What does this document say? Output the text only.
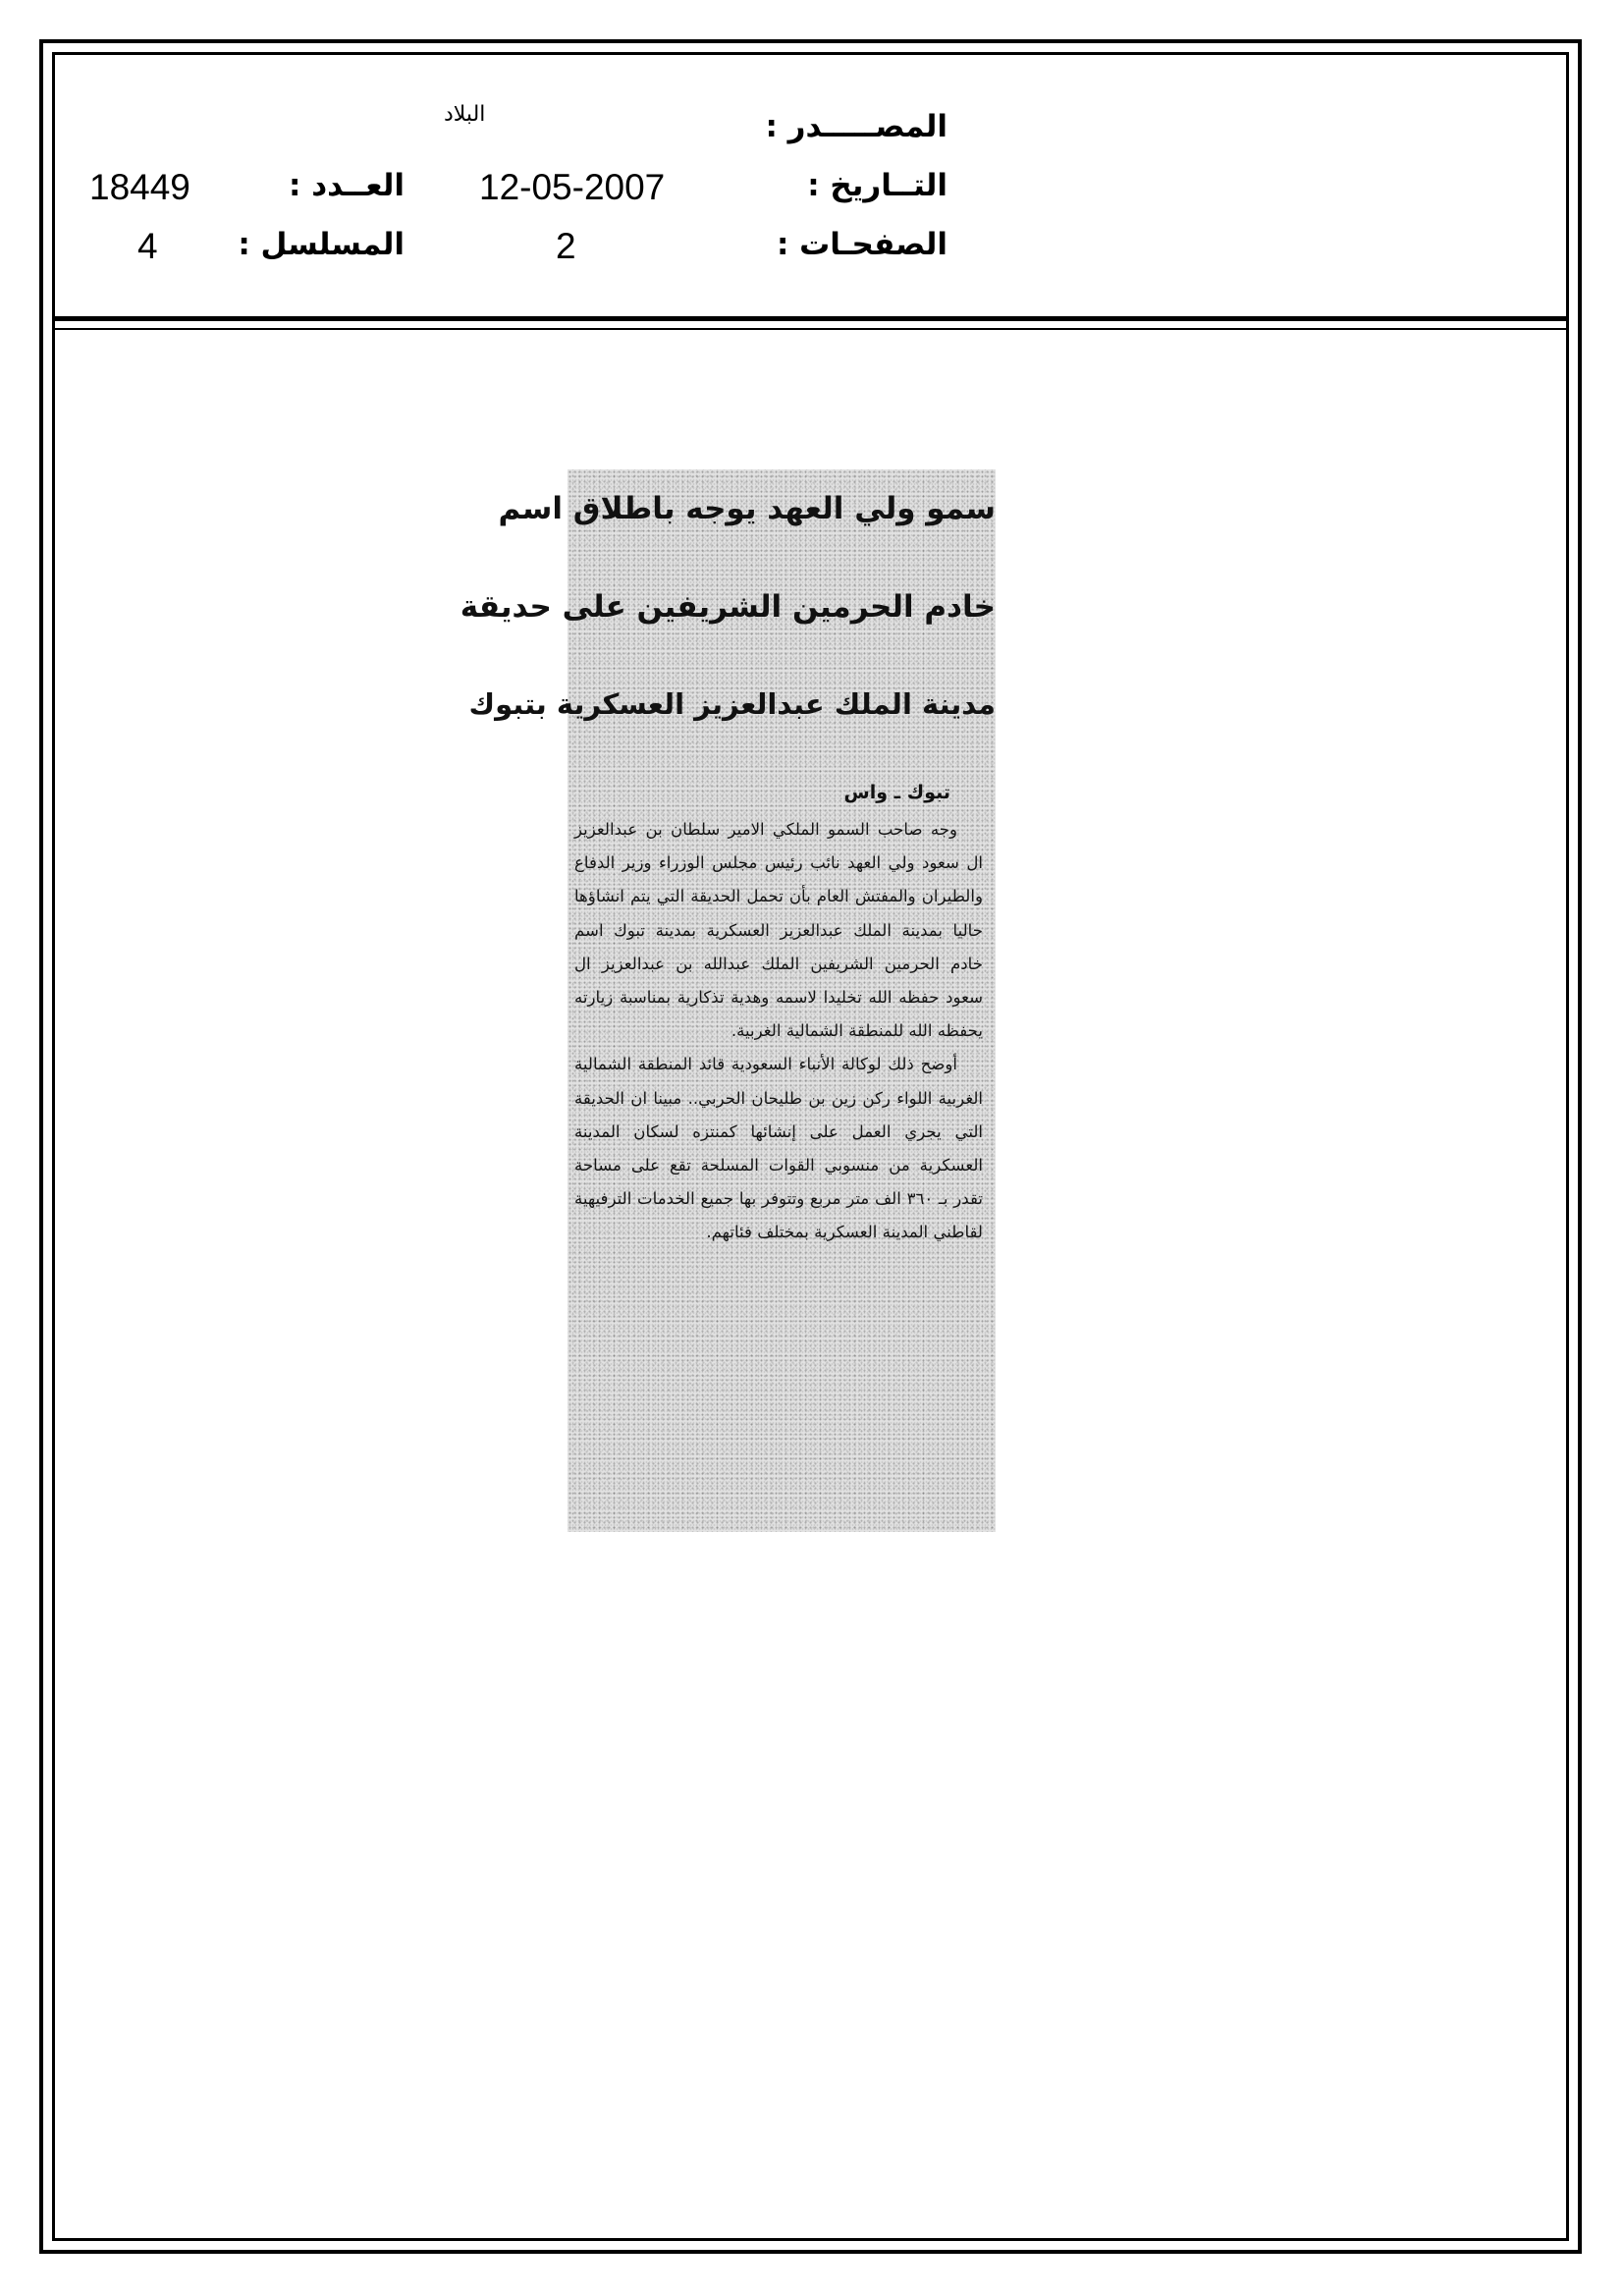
المصـــــدر :
البلاد
التــاريخ :
12-05-2007
الصفحـات :
2
العــدد :
18449
المسلسل :
4
سمو ولي العهد يوجه باطلاق اسم
خادم الحرمين الشريفين على حديقة
مدينة الملك عبدالعزيز العسكرية بتبوك
تبوك ـ واس

وجه صاحب السمو الملكي الامير سلطان بن عبدالعزيز ال سعود ولي العهد نائب رئيس مجلس الوزراء وزير الدفاع والطيران والمفتش العام بأن تحمل الحديقة التي يتم انشاؤها حاليا بمدينة الملك عبدالعزيز العسكرية بمدينة تبوك اسم خادم الحرمين الشريفين الملك عبدالله بن عبدالعزيز ال سعود حفظه الله تخليدا لاسمه وهدية تذكارية بمناسبة زيارته يحفظه الله للمنطقة الشمالية الغربية.

أوضح ذلك لوكالة الأنباء السعودية قائد المنطقة الشمالية الغربية اللواء ركن زين بن طليحان الحربي.. مبينا ان الحديقة التي يجري العمل على إنشائها كمنتزه لسكان المدينة العسكرية من منسوبي القوات المسلحة تقع على مساحة تقدر بـ ٣٦٠ الف متر مربع وتتوفر بها جميع الخدمات الترفيهية لقاطني المدينة العسكرية بمختلف فئاتهم.
